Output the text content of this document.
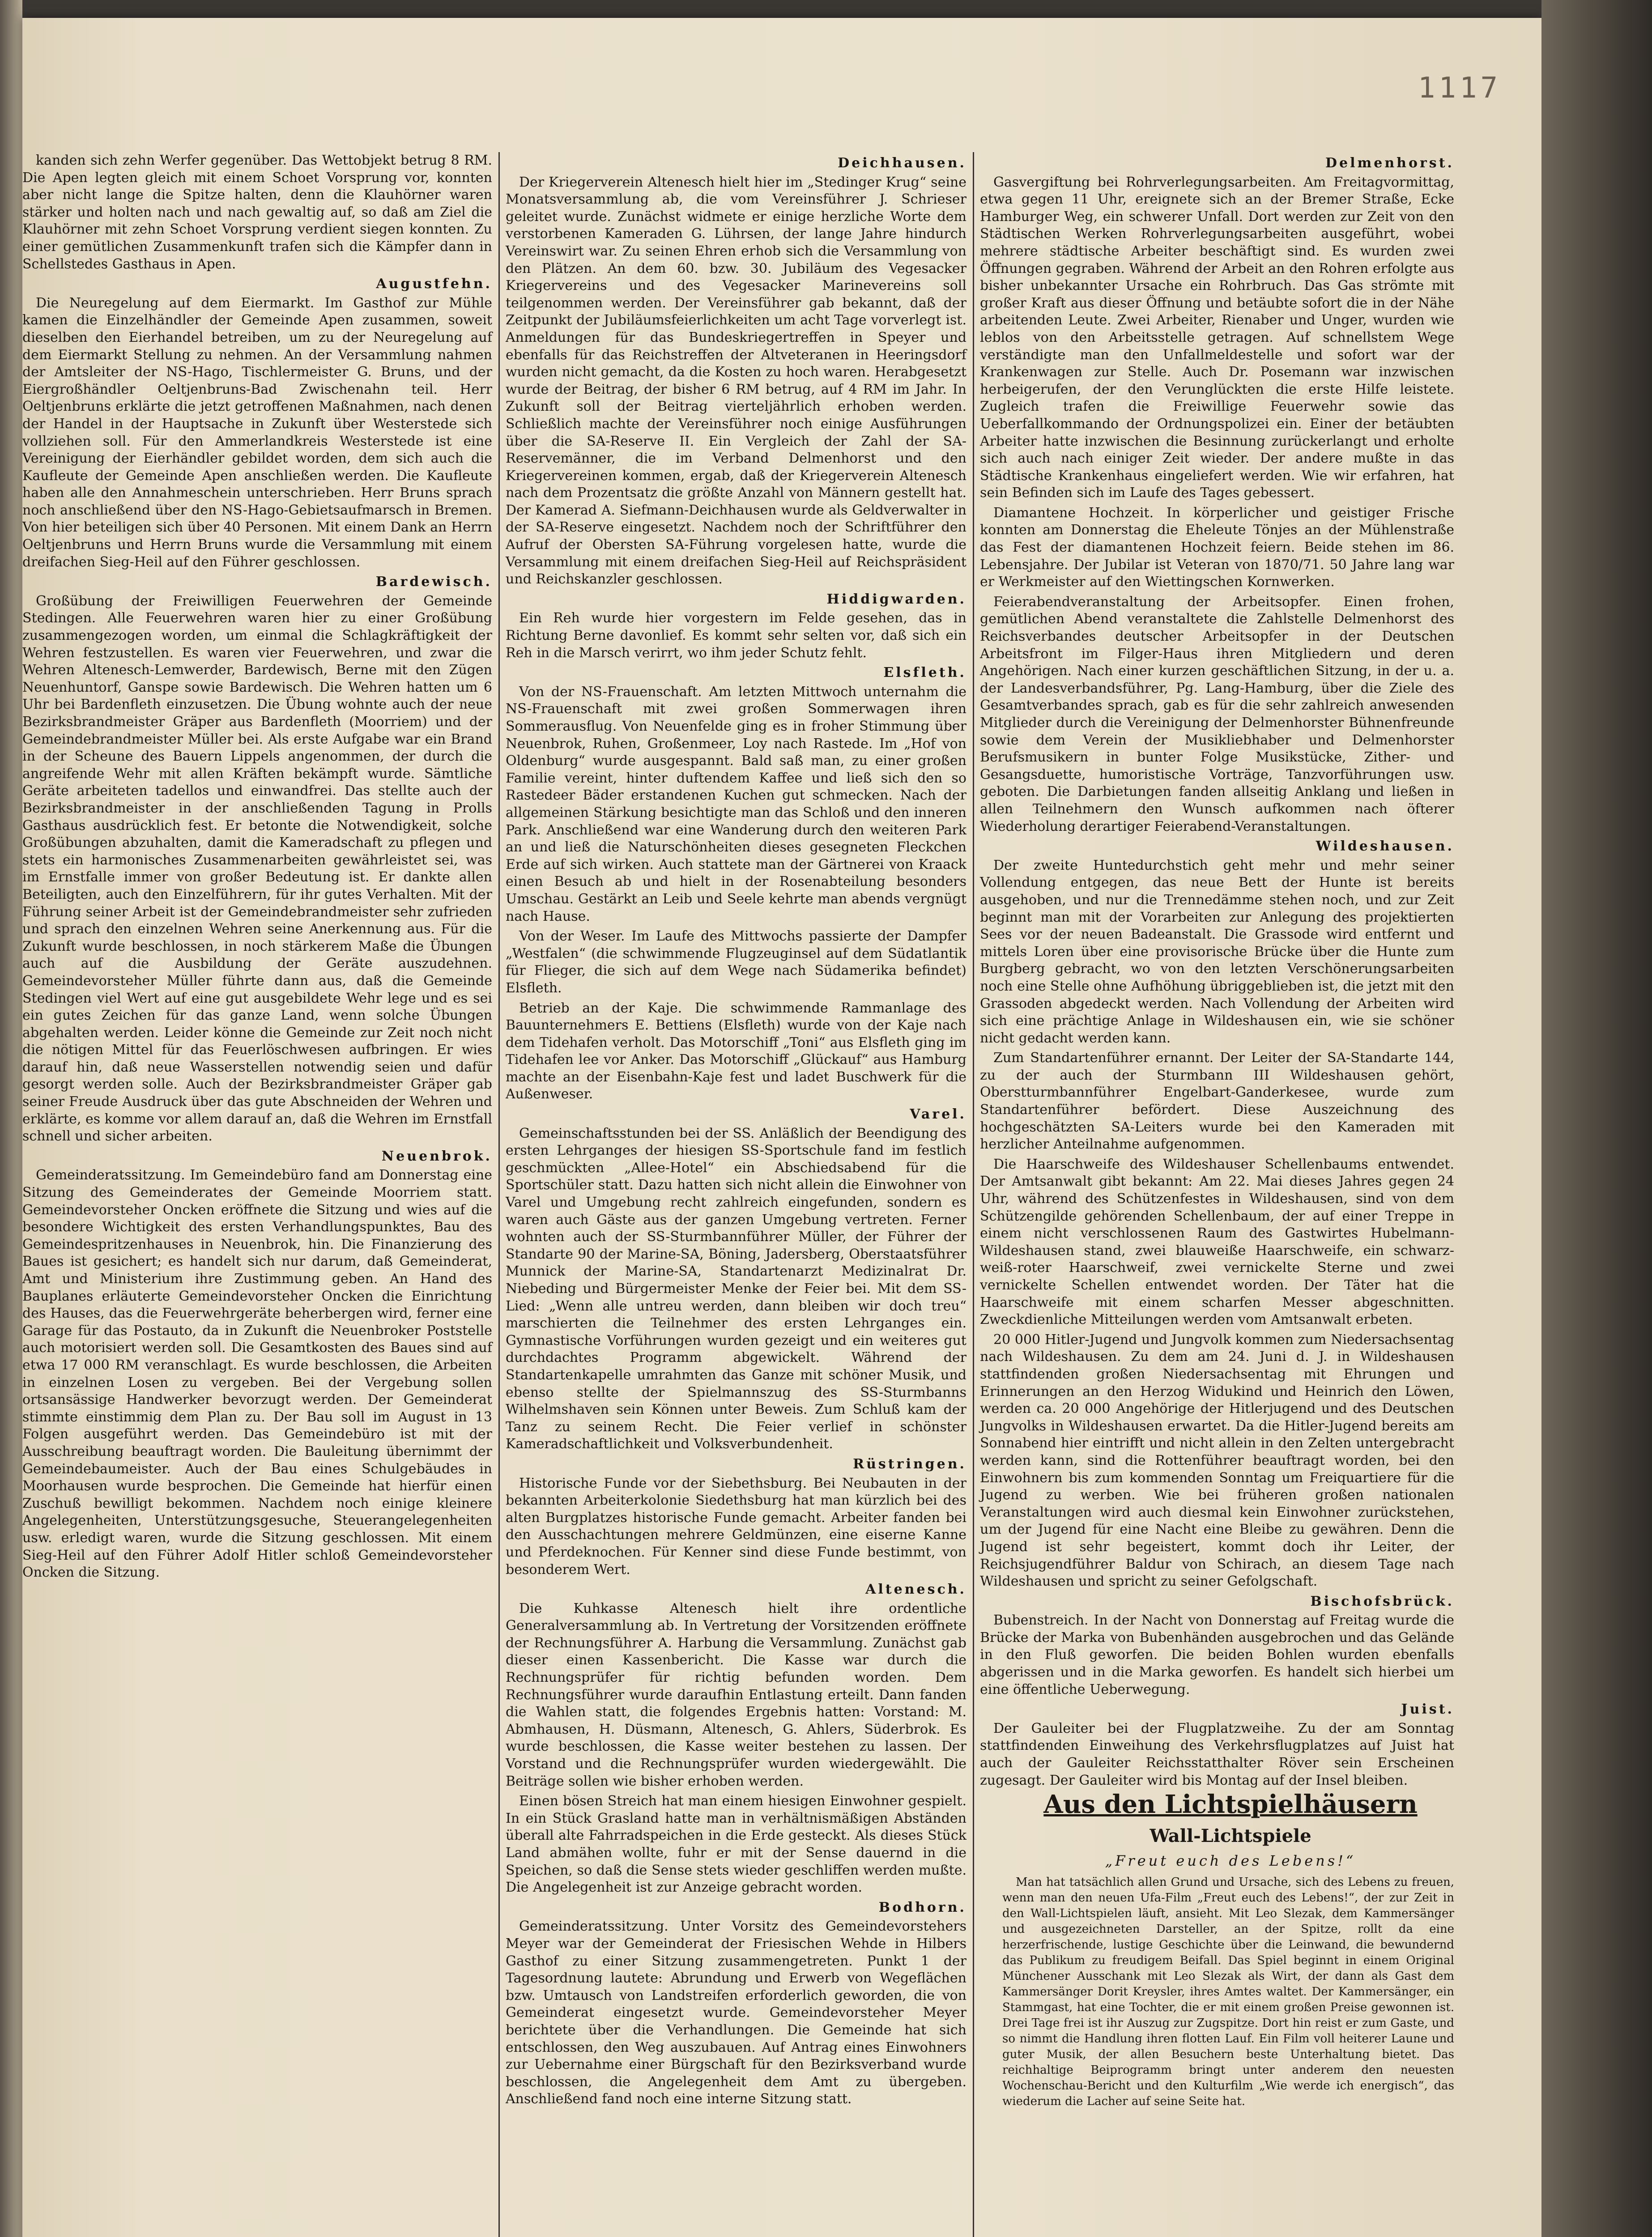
1117

kanden sich zehn Werfer gegenüber. Das Wettobjekt betrug 8 RM. Die Apen legten gleich mit einem Schoet Vorsprung vor, konnten aber nicht lange die Spitze halten, denn die Klauhörner waren stärker und holten nach und nach gewaltig auf, so daß am Ziel die Klauhörner mit zehn Schoet Vorsprung verdient siegen konnten. Zu einer gemütlichen Zusammenkunft trafen sich die Kämpfer dann in Schellstedes Gasthaus in Apen.

Augustfehn.

Die Neuregelung auf dem Eiermarkt. Im Gasthof zur Mühle kamen die Einzelhändler der Gemeinde Apen zusammen, soweit dieselben den Eierhandel betreiben, um zu der Neuregelung auf dem Eiermarkt Stellung zu nehmen. An der Versammlung nahmen der Amtsleiter der NS-Hago, Tischlermeister G. Bruns, und der Eiergroßhändler Oeltjenbruns-Bad Zwischenahn teil. Herr Oeltjenbruns erklärte die jetzt getroffenen Maßnahmen, nach denen der Handel in der Hauptsache in Zukunft über Westerstede sich vollziehen soll. Für den Ammerlandkreis Westerstede ist eine Vereinigung der Eierhändler gebildet worden, dem sich auch die Kaufleute der Gemeinde Apen anschließen werden. Die Kaufleute haben alle den Annahmeschein unterschrieben. Herr Bruns sprach noch anschließend über den NS-Hago-Gebietsaufmarsch in Bremen. Von hier beteiligen sich über 40 Personen. Mit einem Dank an Herrn Oeltjenbruns und Herrn Bruns wurde die Versammlung mit einem dreifachen Sieg-Heil auf den Führer geschlossen.

Bardewisch.

Großübung der Freiwilligen Feuerwehren der Gemeinde Stedingen. Alle Feuerwehren waren hier zu einer Großübung zusammengezogen worden, um einmal die Schlagkräftigkeit der Wehren festzustellen. Es waren vier Feuerwehren, und zwar die Wehren Altenesch-Lemwerder, Bardewisch, Berne mit den Zügen Neuenhuntorf, Ganspe sowie Bardewisch. Die Wehren hatten um 6 Uhr bei Bardenfleth einzusetzen. Die Übung wohnte auch der neue Bezirksbrandmeister Gräper aus Bardenfleth (Moorriem) und der Gemeindebrandmeister Müller bei. Als erste Aufgabe war ein Brand in der Scheune des Bauern Lippels angenommen, der durch die angreifende Wehr mit allen Kräften bekämpft wurde. Sämtliche Geräte arbeiteten tadellos und einwandfrei. Das stellte auch der Bezirksbrandmeister in der anschließenden Tagung in Prolls Gasthaus ausdrücklich fest. Er betonte die Notwendigkeit, solche Großübungen abzuhalten, damit die Kameradschaft zu pflegen und stets ein harmonisches Zusammenarbeiten gewährleistet sei, was im Ernstfalle immer von großer Bedeutung ist. Er dankte allen Beteiligten, auch den Einzelführern, für ihr gutes Verhalten. Mit der Führung seiner Arbeit ist der Gemeindebrandmeister sehr zufrieden und sprach den einzelnen Wehren seine Anerkennung aus. Für die Zukunft wurde beschlossen, in noch stärkerem Maße die Übungen auch auf die Ausbildung der Geräte auszudehnen. Gemeindevorsteher Müller führte dann aus, daß die Gemeinde Stedingen viel Wert auf eine gut ausgebildete Wehr lege und es sei ein gutes Zeichen für das ganze Land, wenn solche Übungen abgehalten werden. Leider könne die Gemeinde zur Zeit noch nicht die nötigen Mittel für das Feuerlöschwesen aufbringen. Er wies darauf hin, daß neue Wasserstellen notwendig seien und dafür gesorgt werden solle. Auch der Bezirksbrandmeister Gräper gab seiner Freude Ausdruck über das gute Abschneiden der Wehren und erklärte, es komme vor allem darauf an, daß die Wehren im Ernstfall schnell und sicher arbeiten.

Neuenbrok.

Gemeinderatssitzung. Im Gemeindebüro fand am Donnerstag eine Sitzung des Gemeinderates der Gemeinde Moorriem statt. Gemeindevorsteher Oncken eröffnete die Sitzung und wies auf die besondere Wichtigkeit des ersten Verhandlungspunktes, Bau des Gemeindespritzenhauses in Neuenbrok, hin. Die Finanzierung des Baues ist gesichert; es handelt sich nur darum, daß Gemeinderat, Amt und Ministerium ihre Zustimmung geben. An Hand des Bauplanes erläuterte Gemeindevorsteher Oncken die Einrichtung des Hauses, das die Feuerwehrgeräte beherbergen wird, ferner eine Garage für das Postauto, da in Zukunft die Neuenbroker Poststelle auch motorisiert werden soll. Die Gesamtkosten des Baues sind auf etwa 17 000 RM veranschlagt. Es wurde beschlossen, die Arbeiten in einzelnen Losen zu vergeben. Bei der Vergebung sollen ortsansässige Handwerker bevorzugt werden. Der Gemeinderat stimmte einstimmig dem Plan zu. Der Bau soll im August in 13 Folgen ausgeführt werden. Das Gemeindebüro ist mit der Ausschreibung beauftragt worden. Die Bauleitung übernimmt der Gemeindebaumeister. Auch der Bau eines Schulgebäudes in Moorhausen wurde besprochen. Die Gemeinde hat hierfür einen Zuschuß bewilligt bekommen. Nachdem noch einige kleinere Angelegenheiten, Unterstützungsgesuche, Steuerangelegenheiten usw. erledigt waren, wurde die Sitzung geschlossen. Mit einem Sieg-Heil auf den Führer Adolf Hitler schloß Gemeindevorsteher Oncken die Sitzung.

Deichhausen.

Der Kriegerverein Altenesch hielt hier im „Stedinger Krug“ seine Monatsversammlung ab, die vom Vereinsführer J. Schrieser geleitet wurde. Zunächst widmete er einige herzliche Worte dem verstorbenen Kameraden G. Lührsen, der lange Jahre hindurch Vereinswirt war. Zu seinen Ehren erhob sich die Versammlung von den Plätzen. An dem 60. bzw. 30. Jubiläum des Vegesacker Kriegervereins und des Vegesacker Marinevereins soll teilgenommen werden. Der Vereinsführer gab bekannt, daß der Zeitpunkt der Jubiläumsfeierlichkeiten um acht Tage vorverlegt ist. Anmeldungen für das Bundeskriegertreffen in Speyer und ebenfalls für das Reichstreffen der Altveteranen in Heeringsdorf wurden nicht gemacht, da die Kosten zu hoch waren. Herabgesetzt wurde der Beitrag, der bisher 6 RM betrug, auf 4 RM im Jahr. In Zukunft soll der Beitrag vierteljährlich erhoben werden. Schließlich machte der Vereinsführer noch einige Ausführungen über die SA-Reserve II. Ein Vergleich der Zahl der SA-Reservemänner, die im Verband Delmenhorst und den Kriegervereinen kommen, ergab, daß der Kriegerverein Altenesch nach dem Prozentsatz die größte Anzahl von Männern gestellt hat. Der Kamerad A. Siefmann-Deichhausen wurde als Geldverwalter in der SA-Reserve eingesetzt. Nachdem noch der Schriftführer den Aufruf der Obersten SA-Führung vorgelesen hatte, wurde die Versammlung mit einem dreifachen Sieg-Heil auf Reichspräsident und Reichskanzler geschlossen.

Hiddigwarden.

Ein Reh wurde hier vorgestern im Felde gesehen, das in Richtung Berne davonlief. Es kommt sehr selten vor, daß sich ein Reh in die Marsch verirrt, wo ihm jeder Schutz fehlt.

Elsfleth.

Von der NS-Frauenschaft. Am letzten Mittwoch unternahm die NS-Frauenschaft mit zwei großen Sommerwagen ihren Sommerausflug. Von Neuenfelde ging es in froher Stimmung über Neuenbrok, Ruhen, Großenmeer, Loy nach Rastede. Im „Hof von Oldenburg“ wurde ausgespannt. Bald saß man, zu einer großen Familie vereint, hinter duftendem Kaffee und ließ sich den so Rastedeer Bäder erstandenen Kuchen gut schmecken. Nach der allgemeinen Stärkung besichtigte man das Schloß und den inneren Park. Anschließend war eine Wanderung durch den weiteren Park an und ließ die Naturschönheiten dieses gesegneten Fleckchen Erde auf sich wirken. Auch stattete man der Gärtnerei von Kraack einen Besuch ab und hielt in der Rosenabteilung besonders Umschau. Gestärkt an Leib und Seele kehrte man abends vergnügt nach Hause.

Von der Weser. Im Laufe des Mittwochs passierte der Dampfer „Westfalen“ (die schwimmende Flugzeuginsel auf dem Südatlantik für Flieger, die sich auf dem Wege nach Südamerika befindet) Elsfleth.

Betrieb an der Kaje. Die schwimmende Rammanlage des Bauunternehmers E. Bettiens (Elsfleth) wurde von der Kaje nach dem Tidehafen verholt. Das Motorschiff „Toni“ aus Elsfleth ging im Tidehafen lee vor Anker. Das Motorschiff „Glückauf“ aus Hamburg machte an der Eisenbahn-Kaje fest und ladet Buschwerk für die Außenweser.

Varel.

Gemeinschaftsstunden bei der SS. Anläßlich der Beendigung des ersten Lehrganges der hiesigen SS-Sportschule fand im festlich geschmückten „Allee-Hotel“ ein Abschiedsabend für die Sportschüler statt. Dazu hatten sich nicht allein die Einwohner von Varel und Umgebung recht zahlreich eingefunden, sondern es waren auch Gäste aus der ganzen Umgebung vertreten. Ferner wohnten auch der SS-Sturmbannführer Müller, der Führer der Standarte 90 der Marine-SA, Böning, Jadersberg, Oberstaatsführer Munnick der Marine-SA, Standartenarzt Medizinalrat Dr. Niebeding und Bürgermeister Menke der Feier bei. Mit dem SS-Lied: „Wenn alle untreu werden, dann bleiben wir doch treu“ marschierten die Teilnehmer des ersten Lehrganges ein. Gymnastische Vorführungen wurden gezeigt und ein weiteres gut durchdachtes Programm abgewickelt. Während der Standartenkapelle umrahmten das Ganze mit schöner Musik, und ebenso stellte der Spielmannszug des SS-Sturmbanns Wilhelmshaven sein Können unter Beweis. Zum Schluß kam der Tanz zu seinem Recht. Die Feier verlief in schönster Kameradschaftlichkeit und Volksverbundenheit.

Rüstringen.

Historische Funde vor der Siebethsburg. Bei Neubauten in der bekannten Arbeiterkolonie Siedethsburg hat man kürzlich bei des alten Burgplatzes historische Funde gemacht. Arbeiter fanden bei den Ausschachtungen mehrere Geldmünzen, eine eiserne Kanne und Pferdeknochen. Für Kenner sind diese Funde bestimmt, von besonderem Wert.

Altenesch.

Die Kuhkasse Altenesch hielt ihre ordentliche Generalversammlung ab. In Vertretung der Vorsitzenden eröffnete der Rechnungsführer A. Harbung die Versammlung. Zunächst gab dieser einen Kassenbericht. Die Kasse war durch die Rechnungsprüfer für richtig befunden worden. Dem Rechnungsführer wurde daraufhin Entlastung erteilt. Dann fanden die Wahlen statt, die folgendes Ergebnis hatten: Vorstand: M. Abmhausen, H. Düsmann, Altenesch, G. Ahlers, Süderbrok. Es wurde beschlossen, die Kasse weiter bestehen zu lassen. Der Vorstand und die Rechnungsprüfer wurden wiedergewählt. Die Beiträge sollen wie bisher erhoben werden.

Einen bösen Streich hat man einem hiesigen Einwohner gespielt. In ein Stück Grasland hatte man in verhältnismäßigen Abständen überall alte Fahrradspeichen in die Erde gesteckt. Als dieses Stück Land abmähen wollte, fuhr er mit der Sense dauernd in die Speichen, so daß die Sense stets wieder geschliffen werden mußte. Die Angelegenheit ist zur Anzeige gebracht worden.

Bodhorn.

Gemeinderatssitzung. Unter Vorsitz des Gemeindevorstehers Meyer war der Gemeinderat der Friesischen Wehde in Hilbers Gasthof zu einer Sitzung zusammengetreten. Punkt 1 der Tagesordnung lautete: Abrundung und Erwerb von Wegeflächen bzw. Umtausch von Landstreifen erforderlich geworden, die von Gemeinderat eingesetzt wurde. Gemeindevorsteher Meyer berichtete über die Verhandlungen. Die Gemeinde hat sich entschlossen, den Weg auszubauen. Auf Antrag eines Einwohners zur Uebernahme einer Bürgschaft für den Bezirksverband wurde beschlossen, die Angelegenheit dem Amt zu übergeben. Anschließend fand noch eine interne Sitzung statt.

Delmenhorst.

Gasvergiftung bei Rohrverlegungsarbeiten. Am Freitagvormittag, etwa gegen 11 Uhr, ereignete sich an der Bremer Straße, Ecke Hamburger Weg, ein schwerer Unfall. Dort werden zur Zeit von den Städtischen Werken Rohrverlegungsarbeiten ausgeführt, wobei mehrere städtische Arbeiter beschäftigt sind. Es wurden zwei Öffnungen gegraben. Während der Arbeit an den Rohren erfolgte aus bisher unbekannter Ursache ein Rohrbruch. Das Gas strömte mit großer Kraft aus dieser Öffnung und betäubte sofort die in der Nähe arbeitenden Leute. Zwei Arbeiter, Rienaber und Unger, wurden wie leblos von den Arbeitsstelle getragen. Auf schnellstem Wege verständigte man den Unfallmeldestelle und sofort war der Krankenwagen zur Stelle. Auch Dr. Posemann war inzwischen herbeigerufen, der den Verunglückten die erste Hilfe leistete. Zugleich trafen die Freiwillige Feuerwehr sowie das Ueberfallkommando der Ordnungspolizei ein. Einer der betäubten Arbeiter hatte inzwischen die Besinnung zurückerlangt und erholte sich auch nach einiger Zeit wieder. Der andere mußte in das Städtische Krankenhaus eingeliefert werden. Wie wir erfahren, hat sein Befinden sich im Laufe des Tages gebessert.

Diamantene Hochzeit. In körperlicher und geistiger Frische konnten am Donnerstag die Eheleute Tönjes an der Mühlenstraße das Fest der diamantenen Hochzeit feiern. Beide stehen im 86. Lebensjahre. Der Jubilar ist Veteran von 1870/71. 50 Jahre lang war er Werkmeister auf den Wiettingschen Kornwerken.

Feierabendveranstaltung der Arbeitsopfer. Einen frohen, gemütlichen Abend veranstaltete die Zahlstelle Delmenhorst des Reichsverbandes deutscher Arbeitsopfer in der Deutschen Arbeitsfront im Filger-Haus ihren Mitgliedern und deren Angehörigen. Nach einer kurzen geschäftlichen Sitzung, in der u. a. der Landesverbandsführer, Pg. Lang-Hamburg, über die Ziele des Gesamtverbandes sprach, gab es für die sehr zahlreich anwesenden Mitglieder durch die Vereinigung der Delmenhorster Bühnenfreunde sowie dem Verein der Musikliebhaber und Delmenhorster Berufsmusikern in bunter Folge Musikstücke, Zither- und Gesangsduette, humoristische Vorträge, Tanzvorführungen usw. geboten. Die Darbietungen fanden allseitig Anklang und ließen in allen Teilnehmern den Wunsch aufkommen nach öfterer Wiederholung derartiger Feierabend-Veranstaltungen.

Wildeshausen.

Der zweite Huntedurchstich geht mehr und mehr seiner Vollendung entgegen, das neue Bett der Hunte ist bereits ausgehoben, und nur die Trennedämme stehen noch, und zur Zeit beginnt man mit der Vorarbeiten zur Anlegung des projektierten Sees vor der neuen Badeanstalt. Die Grassode wird entfernt und mittels Loren über eine provisorische Brücke über die Hunte zum Burgberg gebracht, wo von den letzten Verschönerungsarbeiten noch eine Stelle ohne Aufhöhung übriggeblieben ist, die jetzt mit den Grassoden abgedeckt werden. Nach Vollendung der Arbeiten wird sich eine prächtige Anlage in Wildeshausen ein, wie sie schöner nicht gedacht werden kann.

Zum Standartenführer ernannt. Der Leiter der SA-Standarte 144, zu der auch der Sturmbann III Wildeshausen gehört, Oberstturmbannführer Engelbart-Ganderkesee, wurde zum Standartenführer befördert. Diese Auszeichnung des hochgeschätzten SA-Leiters wurde bei den Kameraden mit herzlicher Anteilnahme aufgenommen.

Die Haarschweife des Wildeshauser Schellenbaums entwendet. Der Amtsanwalt gibt bekannt: Am 22. Mai dieses Jahres gegen 24 Uhr, während des Schützenfestes in Wildeshausen, sind von dem Schützengilde gehörenden Schellenbaum, der auf einer Treppe in einem nicht verschlossenen Raum des Gastwirtes Hubelmann-Wildeshausen stand, zwei blauweiße Haarschweife, ein schwarz-weiß-roter Haarschweif, zwei vernickelte Sterne und zwei vernickelte Schellen entwendet worden. Der Täter hat die Haarschweife mit einem scharfen Messer abgeschnitten. Zweckdienliche Mitteilungen werden vom Amtsanwalt erbeten.

20 000 Hitler-Jugend und Jungvolk kommen zum Niedersachsentag nach Wildeshausen. Zu dem am 24. Juni d. J. in Wildeshausen stattfindenden großen Niedersachsentag mit Ehrungen und Erinnerungen an den Herzog Widukind und Heinrich den Löwen, werden ca. 20 000 Angehörige der Hitlerjugend und des Deutschen Jungvolks in Wildeshausen erwartet. Da die Hitler-Jugend bereits am Sonnabend hier eintrifft und nicht allein in den Zelten untergebracht werden kann, sind die Rottenführer beauftragt worden, bei den Einwohnern bis zum kommenden Sonntag um Freiquartiere für die Jugend zu werben. Wie bei früheren großen nationalen Veranstaltungen wird auch diesmal kein Einwohner zurückstehen, um der Jugend für eine Nacht eine Bleibe zu gewähren. Denn die Jugend ist sehr begeistert, kommt doch ihr Leiter, der Reichsjugendführer Baldur von Schirach, an diesem Tage nach Wildeshausen und spricht zu seiner Gefolgschaft.

Bischofsbrück.

Bubenstreich. In der Nacht von Donnerstag auf Freitag wurde die Brücke der Marka von Bubenhänden ausgebrochen und das Gelände in den Fluß geworfen. Die beiden Bohlen wurden ebenfalls abgerissen und in die Marka geworfen. Es handelt sich hierbei um eine öffentliche Ueberwegung.

Juist.

Der Gauleiter bei der Flugplatzweihe. Zu der am Sonntag stattfindenden Einweihung des Verkehrsflugplatzes auf Juist hat auch der Gauleiter Reichsstatthalter Röver sein Erscheinen zugesagt. Der Gauleiter wird bis Montag auf der Insel bleiben.

Aus den Lichtspielhäusern
Wall-Lichtspiele
„Freut euch des Lebens!“

Man hat tatsächlich allen Grund und Ursache, sich des Lebens zu freuen, wenn man den neuen Ufa-Film „Freut euch des Lebens!“, der zur Zeit in den Wall-Lichtspielen läuft, ansieht. Mit Leo Slezak, dem Kammersänger und ausgezeichneten Darsteller, an der Spitze, rollt da eine herzerfrischende, lustige Geschichte über die Leinwand, die bewundernd das Publikum zu freudigem Beifall. Das Spiel beginnt in einem Original Münchener Ausschank mit Leo Slezak als Wirt, der dann als Gast dem Kammersänger Dorit Kreysler, ihres Amtes waltet. Der Kammersänger, ein Stammgast, hat eine Tochter, die er mit einem großen Preise gewonnen ist. Drei Tage frei ist ihr Auszug zur Zugspitze. Dort hin reist er zum Gaste, und so nimmt die Handlung ihren flotten Lauf. Ein Film voll heiterer Laune und guter Musik, der allen Besuchern beste Unterhaltung bietet. Das reichhaltige Beiprogramm bringt unter anderem den neuesten Wochenschau-Bericht und den Kulturfilm „Wie werde ich energisch“, das wiederum die Lacher auf seine Seite hat.
